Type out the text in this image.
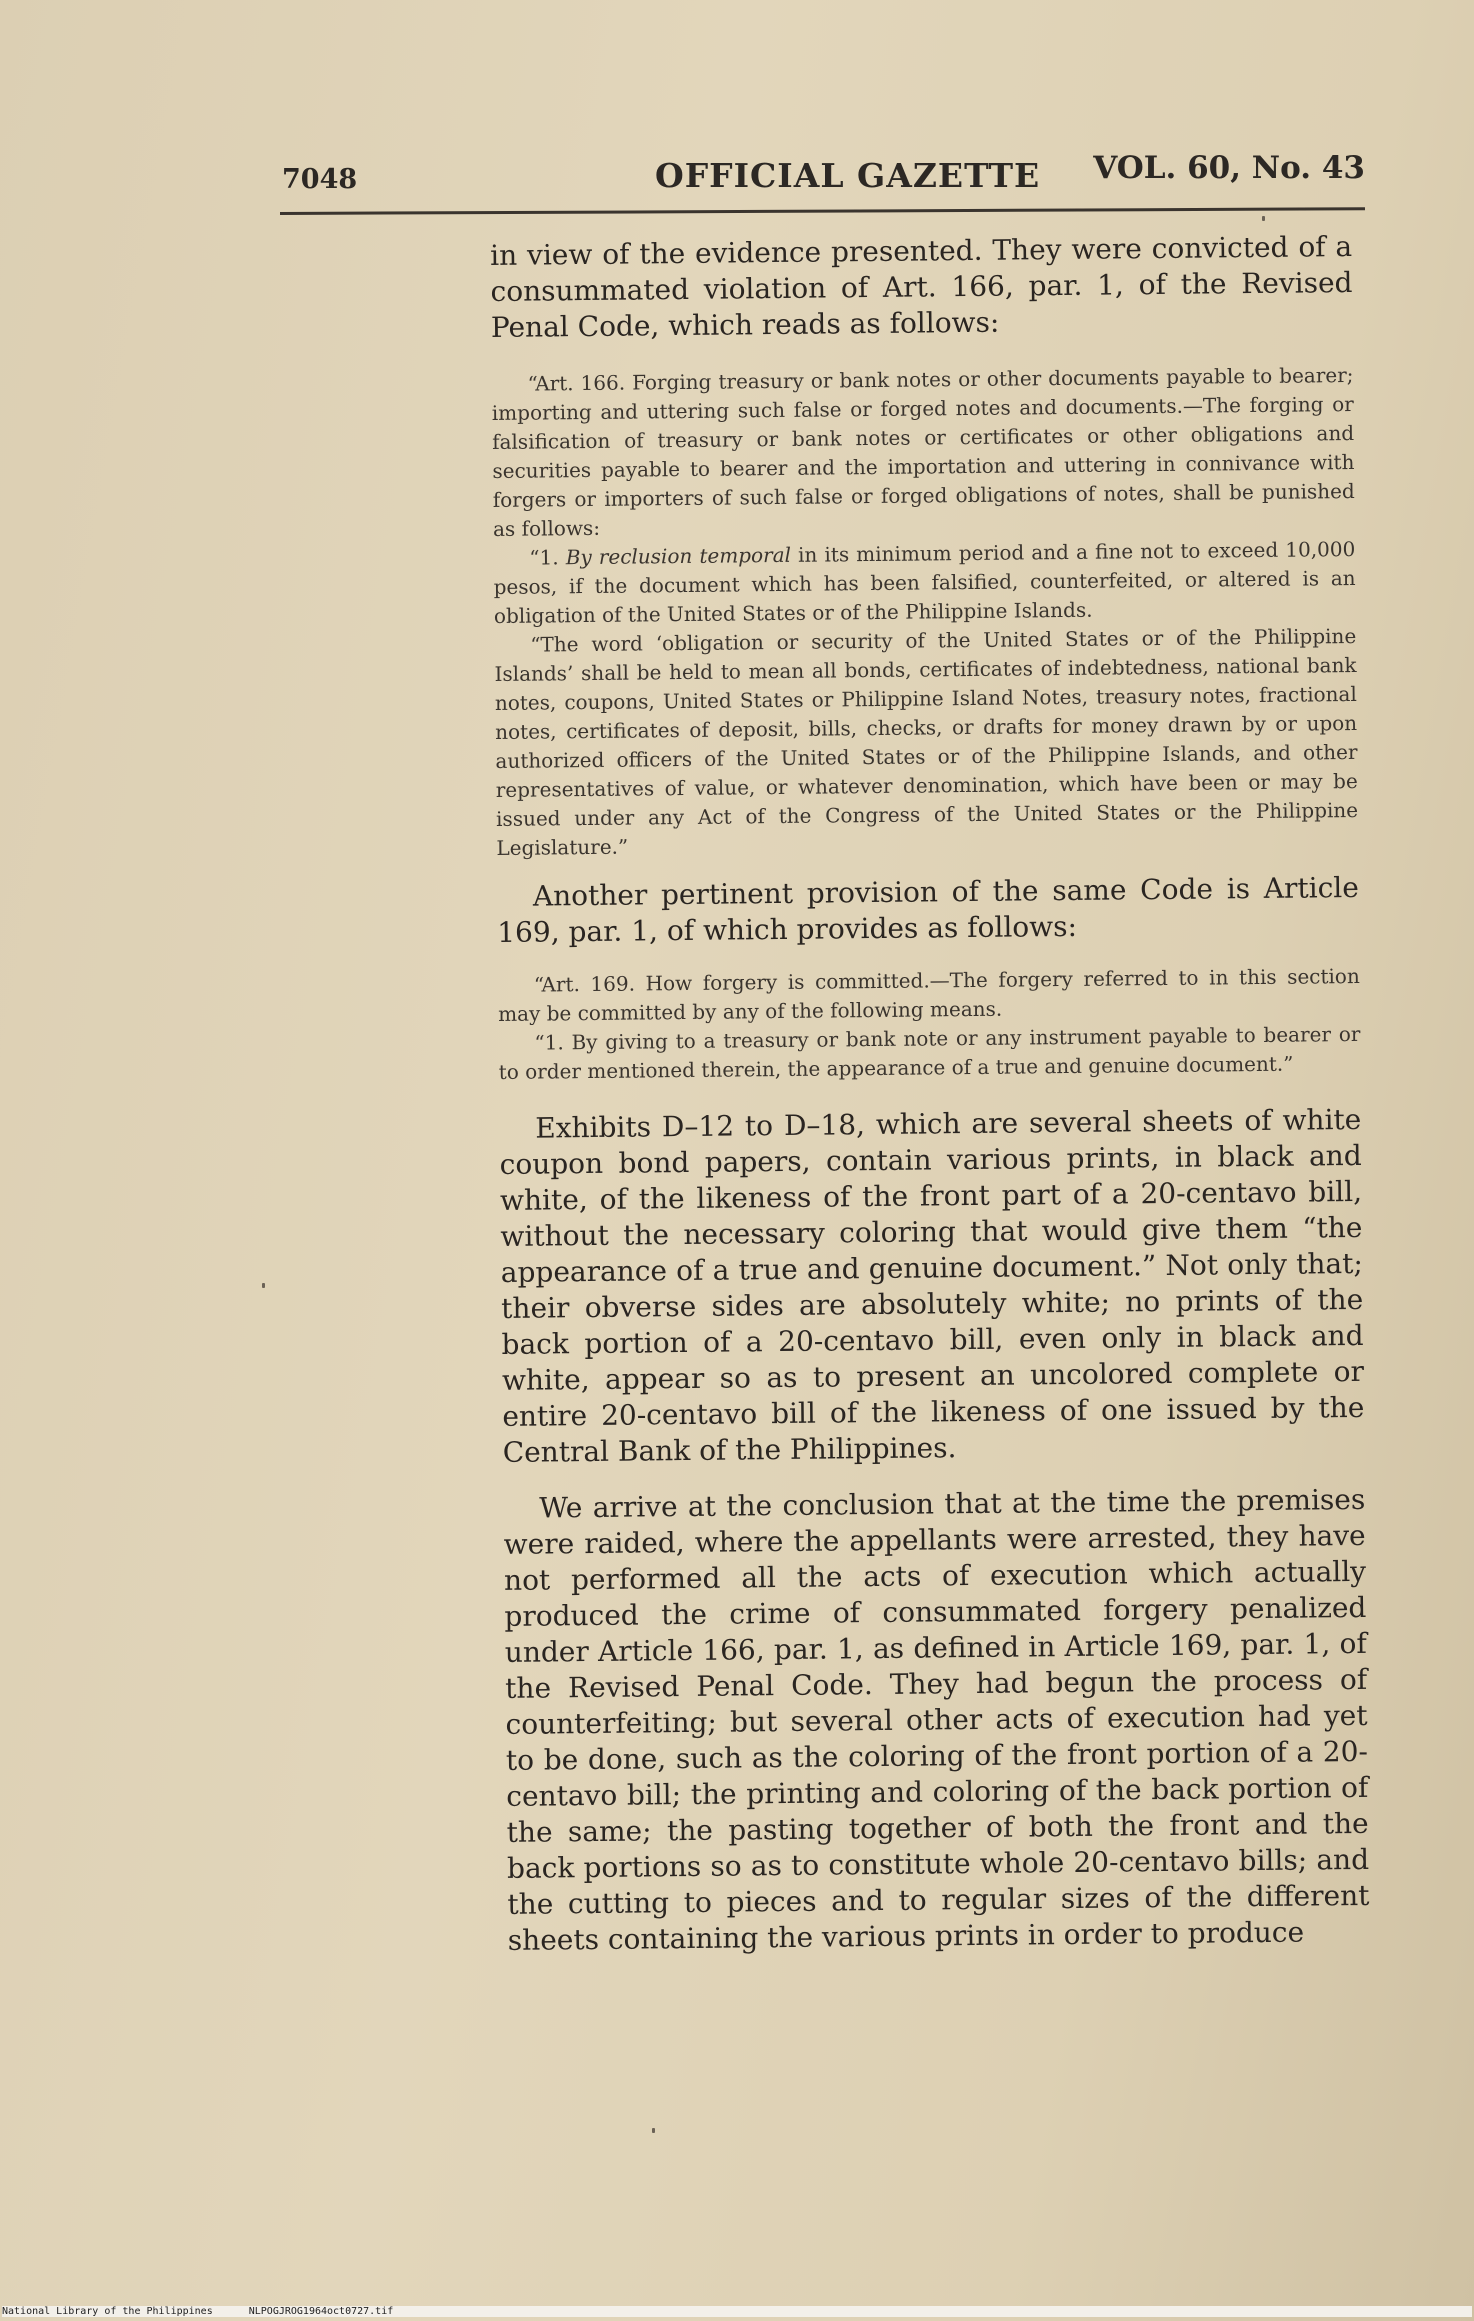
7048	OFFICIAL GAZETTE VOL. 60, No. 43

in view of the evidence presented. They were convicted of a consummated violation of Art. 166, par. 1, of the Revised Penal Code, which reads as follows:

“Art. 166. Forging treasury or bank notes or other documents payable to bearer; importing and uttering such false or forged notes and documents.—The forging or falsification of treasury or bank notes or certificates or other obligations and securities payable to bearer and the importation and uttering in connivance with forgers or importers of such false or forged obligations of notes, shall be punished as follows:

“1. By reclusion temporal in its minimum period and a fine not to exceed 10,000 pesos, if the document which has been falsified, counterfeited, or altered is an obligation of the United States or of the Philippine Islands.

“The word ‘obligation or security of the United States or of the Philippine Islands’ shall be held to mean all bonds, certificates of indebtedness, national bank notes, coupons, United States or Philippine Island Notes, treasury notes, fractional notes, certificates of deposit, bills, checks, or drafts for money drawn by or upon authorized officers of the United States or of the Philippine Islands, and other representatives of value, or whatever denomination, which have been or may be issued under any Act of the Congress of the United States or the Philippine Legislature.”

Another pertinent provision of the same Code is Article 169, par. 1, of which provides as follows:

“Art. 169. How forgery is committed.—The forgery referred to in this section may be committed by any of the following means.

“1. By giving to a treasury or bank note or any instrument payable to bearer or to order mentioned therein, the appearance of a true and genuine document.”

Exhibits D–12 to D–18, which are several sheets of white coupon bond papers, contain various prints, in black and white, of the likeness of the front part of a 20-centavo bill, without the necessary coloring that would give them “the appearance of a true and genuine document.” Not only that; their obverse sides are absolutely white; no prints of the back portion of a 20-centavo bill, even only in black and white, appear so as to present an uncolored complete or entire 20-centavo bill of the likeness of one issued by the Central Bank of the Philippines.

We arrive at the conclusion that at the time the premises were raided, where the appellants were arrested, they have not performed all the acts of execution which actually produced the crime of consummated forgery penalized under Article 166, par. 1, as defined in Article 169, par. 1, of the Revised Penal Code. They had begun the process of counterfeiting; but several other acts of execution had yet to be done, such as the coloring of the front portion of a 20-centavo bill; the printing and coloring of the back portion of the same; the pasting together of both the front and the back portions so as to constitute whole 20-centavo bills; and the cutting to pieces and to regular sizes of the different sheets containing the various prints in order to produce

National Library of the Philippines	NLPOGJROG1964oct0727.tif
